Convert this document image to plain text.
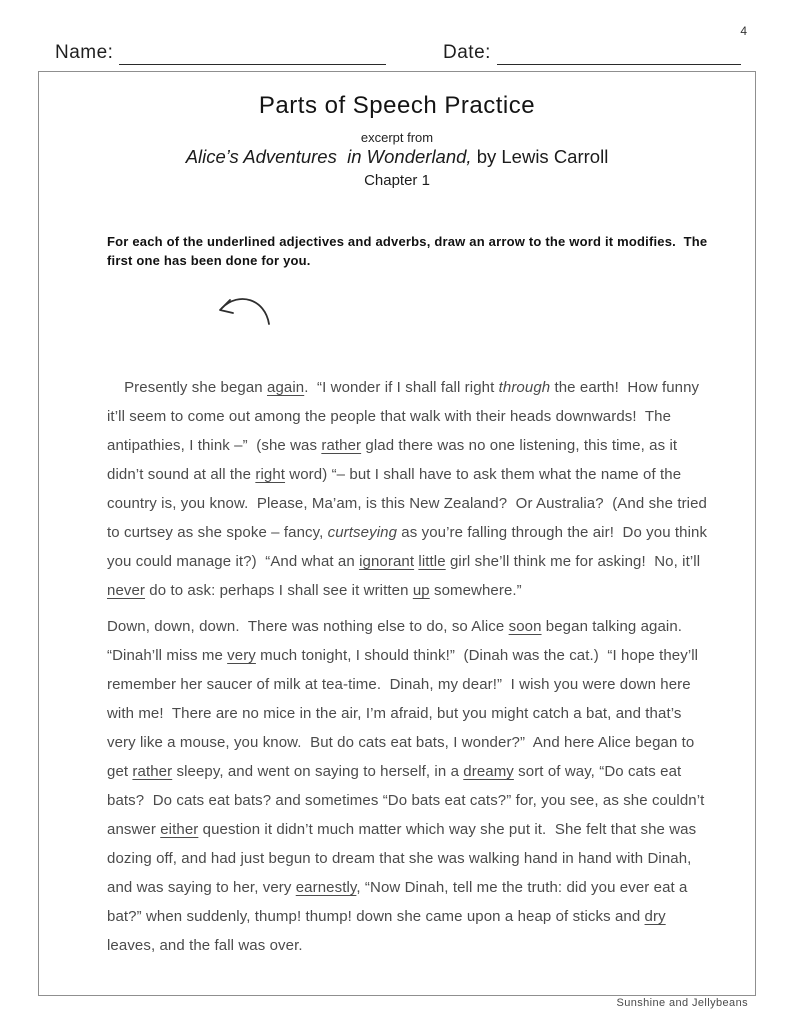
4
Name:	Date:
Parts of Speech Practice
excerpt from
Alice’s Adventures  in Wonderland, by Lewis Carroll
Chapter 1
For each of the underlined adjectives and adverbs, draw an arrow to the word it modifies.  The first one has been done for you.

Presently she began again.  “I wonder if I shall fall right through the earth!  How funny it’ll seem to come out among the people that walk with their heads downwards!  The antipathies, I think –”  (she was rather glad there was no one listening, this time, as it didn’t sound at all the right word) “– but I shall have to ask them what the name of the country is, you know.  Please, Ma’am, is this New Zealand?  Or Australia?  (And she tried to curtsey as she spoke – fancy, curtseying as you’re falling through the air!  Do you think you could manage it?)  “And what an ignorant little girl she’ll think me for asking!  No, it’ll never do to ask: perhaps I shall see it written up somewhere.”
Down, down, down.  There was nothing else to do, so Alice soon began talking again.  “Dinah’ll miss me very much tonight, I should think!”  (Dinah was the cat.)  “I hope they’ll remember her saucer of milk at tea-time.  Dinah, my dear!”  I wish you were down here with me!  There are no mice in the air, I’m afraid, but you might catch a bat, and that’s very like a mouse, you know.  But do cats eat bats, I wonder?”  And here Alice began to get rather sleepy, and went on saying to herself, in a dreamy sort of way, “Do cats eat bats?  Do cats eat bats? and sometimes “Do bats eat cats?” for, you see, as she couldn’t answer either question it didn’t much matter which way she put it.  She felt that she was dozing off, and had just begun to dream that she was walking hand in hand with Dinah, and was saying to her, very earnestly, “Now Dinah, tell me the truth: did you ever eat a bat?” when suddenly, thump! thump! down she came upon a heap of sticks and dry leaves, and the fall was over.
Sunshine and Jellybeans
